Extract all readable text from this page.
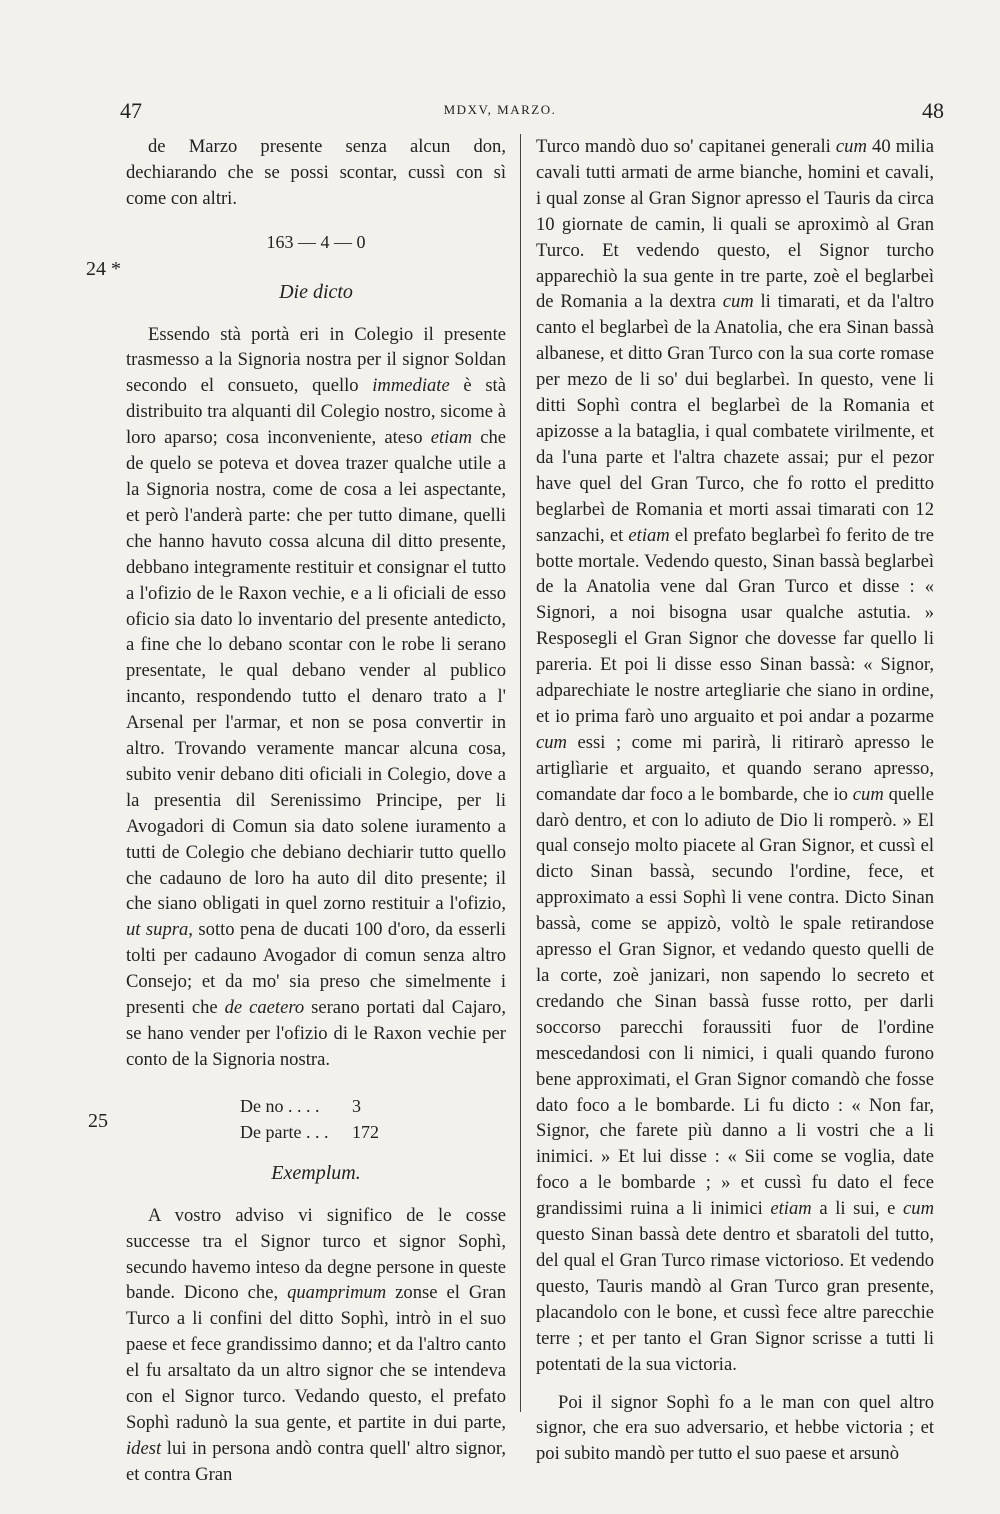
47	MDXV, MARZO.	48
24 *
25

de Marzo presente senza alcun don, dechiarando che se possi scontar, cussì con sì come con altri.

163 — 4 — 0
Die dicto

Essendo stà portà eri in Colegio il presente trasmesso a la Signoria nostra per il signor Soldan secondo el consueto, quello immediate è stà distribuito tra alquanti dil Colegio nostro, sicome à loro aparso; cosa inconveniente, ateso etiam che de quelo se poteva et dovea trazer qualche utile a la Signoria nostra, come de cosa a lei aspectante, et però l'anderà parte: che per tutto dimane, quelli che hanno havuto cossa alcuna dil ditto presente, debbano integramente restituir et consignar el tutto a l'ofizio de le Raxon vechie, e a li oficiali de esso oficio sia dato lo inventario del presente antedicto, a fine che lo debano scontar con le robe li serano presentate, le qual debano vender al publico incanto, respondendo tutto el denaro trato a l' Arsenal per l'armar, et non se posa convertir in altro. Trovando veramente mancar alcuna cosa, subito venir debano diti oficiali in Colegio, dove a la presentia dil Serenissimo Principe, per li Avogadori di Comun sia dato solene iuramento a tutti de Colegio che debiano dechiarir tutto quello che cadauno de loro ha auto dil dito presente; il che siano obligati in quel zorno restituir a l'ofizio, ut supra, sotto pena de ducati 100 d'oro, da esserli tolti per cadauno Avogador di comun senza altro Consejo; et da mo' sia preso che simelmente i presenti che de caetero serano portati dal Cajaro, se hano vender per l'ofizio di le Raxon vechie per conto de la Signoria nostra.

De no . . . . 3
De parte . . . 172
Exemplum.

A vostro adviso vi significo de le cosse successe tra el Signor turco et signor Sophì, secundo havemo inteso da degne persone in queste bande. Dicono che, quamprimum zonse el Gran Turco a li confini del ditto Sophì, intrò in el suo paese et fece grandissimo danno; et da l'altro canto el fu arsaltato da un altro signor che se intendeva con el Signor turco. Vedando questo, el prefato Sophì radunò la sua gente, et partite in dui parte, idest lui in persona andò contra quell' altro signor, et contra Gran

Turco mandò duo so' capitanei generali cum 40 milia cavali tutti armati de arme bianche, homini et cavali, i qual zonse al Gran Signor apresso el Tauris da circa 10 giornate de camin, li quali se aproximò al Gran Turco. Et vedendo questo, el Signor turcho apparechiò la sua gente in tre parte, zoè el beglarbeì de Romania a la dextra cum li timarati, et da l'altro canto el beglarbeì de la Anatolia, che era Sinan bassà albanese, et ditto Gran Turco con la sua corte romase per mezo de li so' dui beglarbeì. In questo, vene li ditti Sophì contra el beglarbeì de la Romania et apizosse a la bataglia, i qual combatete virilmente, et da l'una parte et l'altra chazete assai; pur el pezor have quel del Gran Turco, che fo rotto el preditto beglarbeì de Romania et morti assai timarati con 12 sanzachi, et etiam el prefato beglarbeì fo ferito de tre botte mortale. Vedendo questo, Sinan bassà beglarbeì de la Anatolia vene dal Gran Turco et disse : « Signori, a noi bisogna usar qualche astutia. » Resposegli el Gran Signor che dovesse far quello li pareria. Et poi li disse esso Sinan bassà: « Signor, adparechiate le nostre artegliarie che siano in ordine, et io prima farò uno arguaito et poi andar a pozarme cum essi ; come mi parirà, li ritirarò apresso le artiglìarie et arguaito, et quando serano apresso, comandate dar foco a le bombarde, che io cum quelle darò dentro, et con lo adiuto de Dio li romperò. » El qual consejo molto piacete al Gran Signor, et cussì el dicto Sinan bassà, secundo l'ordine, fece, et approximato a essi Sophì li vene contra. Dicto Sinan bassà, come se appizò, voltò le spale retirandose apresso el Gran Signor, et vedando questo quelli de la corte, zoè janizari, non sapendo lo secreto et credando che Sinan bassà fusse rotto, per darli soccorso parecchi foraussiti fuor de l'ordine mescedandosi con li nimici, i quali quando furono bene approximati, el Gran Signor comandò che fosse dato foco a le bombarde. Li fu dicto : « Non far, Signor, che farete più danno a li vostri che a li inimici. » Et lui disse : « Sii come se voglia, date foco a le bombarde ; » et cussì fu dato el fece grandissimi ruina a li inimici etiam a li sui, e cum questo Sinan bassà dete dentro et sbaratoli del tutto, del qual el Gran Turco rimase victorioso. Et vedendo questo, Tauris mandò al Gran Turco gran presente, placandolo con le bone, et cussì fece altre parecchie terre ; et per tanto el Gran Signor scrisse a tutti li potentati de la sua victoria.

Poi il signor Sophì fo a le man con quel altro signor, che era suo adversario, et hebbe victoria ; et poi subito mandò per tutto el suo paese et arsunò
